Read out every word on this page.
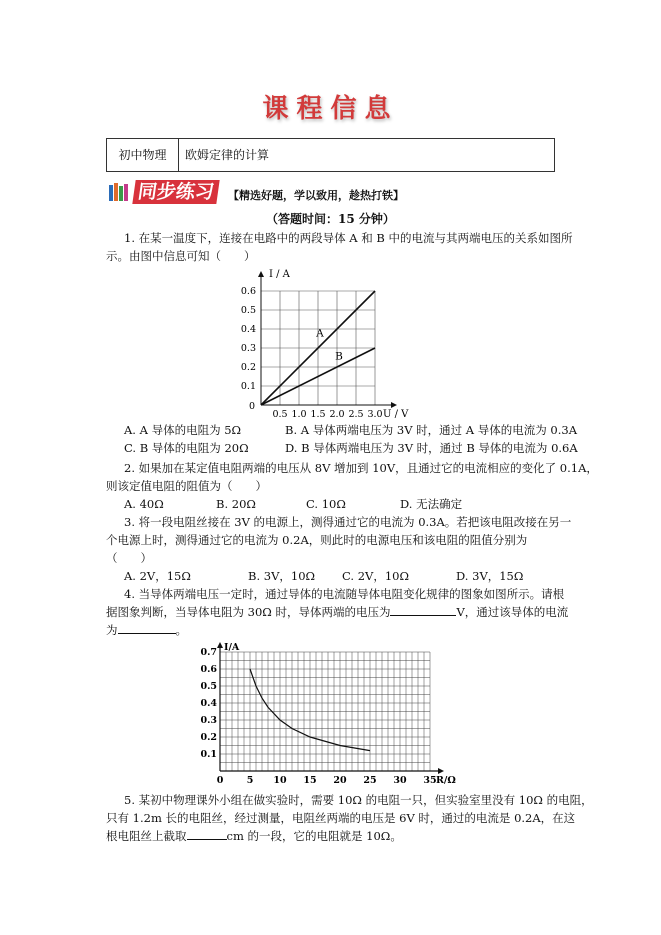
课程信息
初中物理	欧姆定律的计算
同步练习	【精选好题，学以致用，趁热打铁】
（答题时间：15 分钟）
1. 在某一温度下，连接在电路中的两段导体 A 和 B 中的电流与其两端电压的关系如图所
示。由图中信息可知（　　）
0.5 1.0 1.5 2.0 2.5 3.0
0.1
0.2
0.3
0.4
0.5
0.6
0
U / V
I / A
A
B
A. A 导体的电阻为 5Ω	B. A 导体两端电压为 3V 时，通过 A 导体的电流为 0.3A
C. B 导体的电阻为 20Ω	D. B 导体两端电压为 3V 时，通过 B 导体的电流为 0.6A
2. 如果加在某定值电阻两端的电压从 8V 增加到 10V，且通过它的电流相应的变化了 0.1A，
则该定值电阻的阻值为（　　）
A. 40Ω	B. 20Ω	C. 10Ω	D. 无法确定
3. 将一段电阻丝接在 3V 的电源上，测得通过它的电流为 0.3A。若把该电阻改接在另一
个电源上时，测得通过它的电流为 0.2A，则此时的电源电压和该电阻的阻值分别为
（　　）
A. 2V，15Ω	B. 3V，10Ω C. 2V，10Ω	D. 3V，15Ω
4. 当导体两端电压一定时，通过导体的电流随导体电阻变化规律的图象如图所示。请根
据图象判断，当导体电阻为 30Ω 时，导体两端的电压为	V，通过该导体的电流
为	。
0 5 10 15 20 25 30 35
0.1
0.2
0.3
0.4
0.5
0.6
0.7
R/Ω
I/A
5. 某初中物理课外小组在做实验时，需要 10Ω 的电阻一只，但实验室里没有 10Ω 的电阻，
只有 1.2m 长的电阻丝，经过测量，电阻丝两端的电压是 6V 时，通过的电流是 0.2A，在这
根电阻丝上截取	cm 的一段，它的电阻就是 10Ω。
